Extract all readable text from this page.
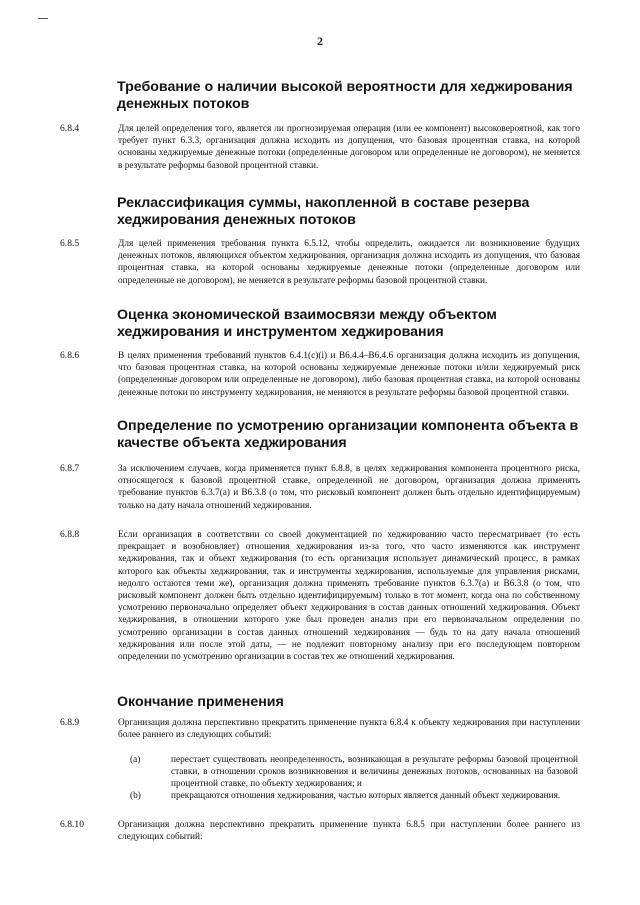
2
Требование о наличии высокой вероятности для хеджирования денежных потоков
6.8.4	Для целей определения того, является ли прогнозируемая операция (или ее компонент) высоковероятной, как того требует пункт 6.3.3, организация должна исходить из допущения, что базовая процентная ставка, на которой основаны хеджируемые денежные потоки (определенные договором или определенные не договором), не меняется в результате реформы базовой процентной ставки.
Реклассификация суммы, накопленной в составе резерва хеджирования денежных потоков
6.8.5	Для целей применения требования пункта 6.5.12, чтобы определить, ожидается ли возникновение будущих денежных потоков, являющихся объектом хеджирования, организация должна исходить из допущения, что базовая процентная ставка, на которой основаны хеджируемые денежные потоки (определенные договором или определенные не договором), не меняется в результате реформы базовой процентной ставки.
Оценка экономической взаимосвязи между объектом хеджирования и инструментом хеджирования
6.8.6	В целях применения требований пунктов 6.4.1(с)(i) и В6.4.4–В6.4.6 организация должна исходить из допущения, что базовая процентная ставка, на которой основаны хеджируемые денежные потоки и/или хеджируемый риск (определенные договором или определенные не договором), либо базовая процентная ставка, на которой основаны денежные потоки по инструменту хеджирования, не меняются в результате реформы базовой процентной ставки.
Определение по усмотрению организации компонента объекта в качестве объекта хеджирования
6.8.7	За исключением случаев, когда применяется пункт 6.8.8, в целях хеджирования компонента процентного риска, относящегося к базовой процентной ставке, определенной не договором, организация должна применять требование пунктов 6.3.7(а) и В6.3.8 (о том, что рисковый компонент должен быть отдельно идентифицируемым) только на дату начала отношений хеджирования.
6.8.8	Если организация в соответствии со своей документацией по хеджированию часто пересматривает (то есть прекращает и возобновляет) отношения хеджирования из-за того, что часто изменяются как инструмент хеджирования, так и объект хеджирования (то есть организация использует динамический процесс, в рамках которого как объекты хеджирования, так и инструменты хеджирования, используемые для управления рисками, недолго остаются теми же), организация должна применять требование пунктов 6.3.7(а) и В6.3.8 (о том, что рисковый компонент должен быть отдельно идентифицируемым) только в тот момент, когда она по собственному усмотрению первоначально определяет объект хеджирования в состав данных отношений хеджирования. Объект хеджирования, в отношении которого уже был проведен анализ при его первоначальном определении по усмотрению организации в состав данных отношений хеджирования — будь то на дату начала отношений хеджирования или после этой даты, — не подлежит повторному анализу при его последующем повторном определении по усмотрению организации в состав тех же отношений хеджирования.
Окончание применения
6.8.9	Организация должна перспективно прекратить применение пункта 6.8.4 к объекту хеджирования при наступлении более раннего из следующих событий:
(а)	перестает существовать неопределенность, возникающая в результате реформы базовой процентной ставки, в отношении сроков возникновения и величины денежных потоков, основанных на базовой процентной ставке, по объекту хеджирования; и
(b)	прекращаются отношения хеджирования, частью которых является данный объект хеджирования.
6.8.10	Организация должна перспективно прекратить применение пункта 6.8.5 при наступлении более раннего из следующих событий:
